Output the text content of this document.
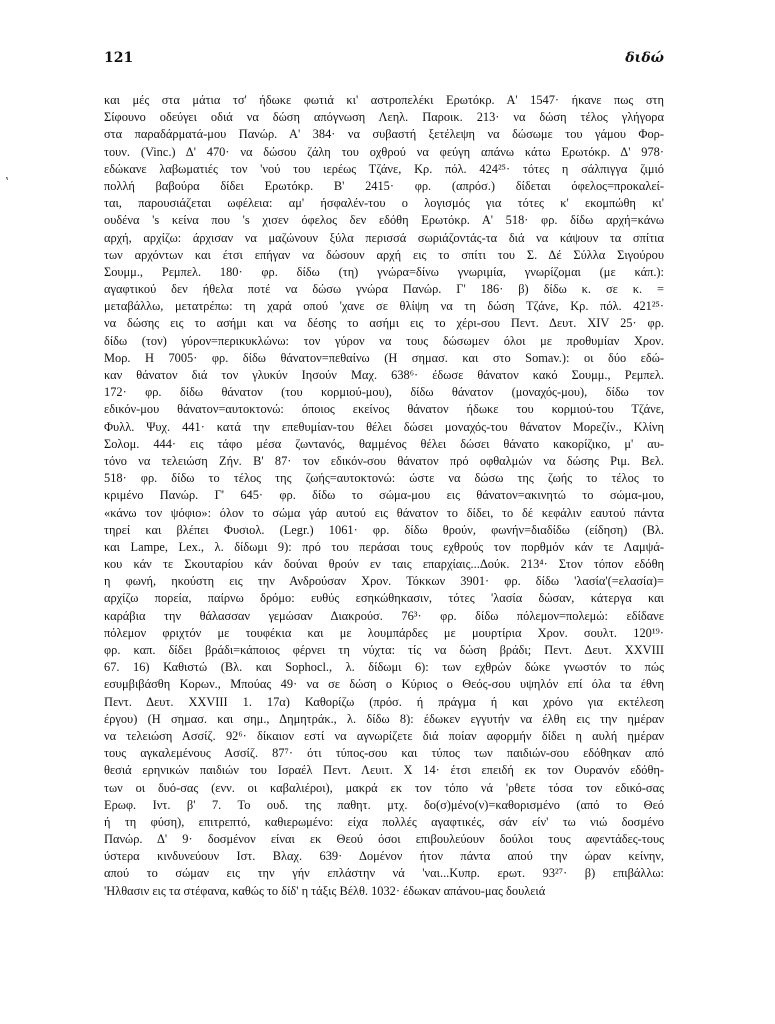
ʽ
121	διδώ
και μές στα μάτια τσ' ήδωκε φωτιά κι' αστροπελέκι Ερωτόκρ. Α' 1547· ήκανε πως στη
Σίφουνο οδεύγει οδιά να δώση απόγνωση Λεηλ. Παροικ. 213· να δώση τέλος γλήγορα
στα παραδάρματά-μου Πανώρ. Α' 384· να συβαστή ξετέλεψη να δώσωμε του γάμου Φορ-
τουν. (Vinc.) Δ' 470· να δώσου ζάλη του οχθρού να φεύγη απάνω κάτω Ερωτόκρ. Δ' 978·
εδώκανε λαβωματιές τον 'νού του ιερέως Τζάνε, Κρ. πόλ. 424²⁵· τότες η σάλπιγγα ζιμιό
πολλή βαβούρα δίδει Ερωτόκρ. Β' 2415· φρ. (απρόσ.) δίδεται όφελος=προκαλεί-
ται, παρουσιάζεται ωφέλεια: αμ' ήσφαλέν-του ο λογισμός για τότες κ' εκομπώθη κι'
ουδένα 's κείνα που 's χισεν όφελος δεν εδόθη Ερωτόκρ. Α' 518· φρ. δίδω αρχή=κάνω
αρχή, αρχίζω: άρχισαν να μαζώνουν ξύλα περισσά σωριάζοντάς-τα διά να κάψουν τα σπίτια
των αρχόντων και έτσι επήγαν να δώσουν αρχή εις το σπίτι του Σ. Δέ Σύλλα Σιγούρου
Σουμμ., Ρεμπελ. 180· φρ. δίδω (τη) γνώρα=δίνω γνωριμία, γνωρίζομαι (με κάπ.):
αγαφτικού δεν ήθελα ποτέ να δώσω γνώρα Πανώρ. Γ' 186· β) δίδω κ. σε κ. =
μεταβάλλω, μετατρέπω: τη χαρά οπού 'χανε σε θλίψη να τη δώση Τζάνε, Κρ. πόλ. 421²⁵·
να δώσης εις το ασήμι και να δέσης το ασήμι εις το χέρι-σου Πεντ. Δευτ. XIV 25· φρ.
δίδω (τον) γύρον=περικυκλώνω: τον γύρον να τους δώσωμεν όλοι με προθυμίαν Χρον.
Μορ. Η 7005· φρ. δίδω θάνατον=πεθαίνω (Η σημασ. και στο Somav.): οι δύο εδώ-
καν θάνατον διά τον γλυκύν Ιησούν Μαχ. 638⁶· έδωσε θάνατον κακό Σουμμ., Ρεμπελ.
172· φρ. δίδω θάνατον (του κορμιού-μου), δίδω θάνατον (μοναχός-μου), δίδω τον
εδικόν-μου θάνατον=αυτοκτονώ: όποιος εκείνος θάνατον ήδωκε του κορμιού-του Τζάνε,
Φυλλ. Ψυχ. 441· κατά την επεθυμίαν-του θέλει δώσει μοναχός-του θάνατον Μορεζίν., Κλίνη
Σολομ. 444· εις τάφο μέσα ζωντανός, θαμμένος θέλει δώσει θάνατο κακορίζικο, μ' αυ-
τόνο να τελειώση Ζήν. Β' 87· τον εδικόν-σου θάνατον πρό οφθαλμών να δώσης Ριμ. Βελ.
518· φρ. δίδω το τέλος της ζωής=αυτοκτονώ: ώστε να δώσω της ζωής το τέλος το
κριμένο Πανώρ. Γ' 645· φρ. δίδω το σώμα-μου εις θάνατον=ακινητώ το σώμα-μου,
«κάνω τον ψόφιο»: όλον το σώμα γάρ αυτού εις θάνατον το δίδει, το δέ κεφάλιν εαυτού πάντα
τηρεί και βλέπει Φυσιολ. (Legr.) 1061· φρ. δίδω θρούν, φωνήν=διαδίδω (είδηση) (Βλ.
και Lampe, Lex., λ. δίδωμι 9): πρό του περάσαι τους εχθρούς τον πορθμόν κάν τε Λαμψά-
κου κάν τε Σκουταρίου κάν δούναι θρούν εν ταις επαρχίαις...Δούκ. 213⁴· Στον τόπον εδόθη
η φωνή, ηκούστη εις την Ανδρούσαν Χρον. Τόκκων 3901· φρ. δίδω 'λασία'(=ελασία)=
αρχίζω πορεία, παίρνω δρόμο: ευθύς εσηκώθηκασιν, τότες 'λασία δώσαν, κάτεργα και
καράβια την θάλασσαν γεμώσαν Διακρούσ. 76³· φρ. δίδω πόλεμον=πολεμώ: εδίδανε
πόλεμον φριχτόν με τουφέκια και με λουμπάρδες με μουρτίρια Χρον. σουλτ. 120¹⁹·
φρ. καπ. δίδει βράδι=κάποιος φέρνει τη νύχτα: τίς να δώση βράδι; Πεντ. Δευτ. XXVIII
67. 16) Καθιστώ (Βλ. και Sophocl., λ. δίδωμι 6): των εχθρών δώκε γνωστόν το πώς
εσυμβιβάσθη Κορων., Μπούας 49· να σε δώση ο Κύριος ο Θεός-σου υψηλόν επί όλα τα έθνη
Πεντ. Δευτ. XXVIII 1. 17α) Καθορίζω (πρόσ. ή πράγμα ή και χρόνο για εκτέλεση
έργου) (Η σημασ. και σημ., Δημητράκ., λ. δίδω 8): έδωκεν εγγυτήν να έλθη εις την ημέραν
να τελειώση Ασσίζ. 92⁶· δίκαιον εστί να αγνωρίζετε διά ποίαν αφορμήν δίδει η αυλή ημέραν
τους αγκαλεμένους Ασσίζ. 87⁷· ότι τύπος-σου και τύπος των παιδιών-σου εδόθηκαν από
θεσιά ερηνικών παιδιών του Ισραέλ Πεντ. Λευιτ. Χ 14· έτσι επειδή εκ τον Ουρανόν εδόθη-
των οι δυό-σας (ενν. οι καβαλιέροι), μακρά εκ τον τόπο νά 'ρθετε τόσα τον εδικό-σας
Ερωφ. Ιντ. β' 7. Το ουδ. της παθητ. μτχ. δο(σ)μένο(ν)=καθορισμένο (από το Θεό
ή τη φύση), επιτρεπτό, καθιερωμένο: είχα πολλές αγαφτικές, σάν είν' τω νιώ δοσμένο
Πανώρ. Δ' 9· δοσμένον είναι εκ Θεού όσοι επιβουλεύουν δούλοι τους αφεντάδες-τους
ύστερα κινδυνεύουν Ιστ. Βλαχ. 639· Δομένον ήτον πάντα απού την ώραν κείνην,
απού το σώμαν εις την γήν επλάστην νά 'ναι...Κυπρ. ερωτ. 93²⁷· β) επιβάλλω:
'Ηλθασιν εις τα στέφανα, καθώς το δίδ' η τάξις Βέλθ. 1032· έδωκαν απάνου-μας δουλειά
